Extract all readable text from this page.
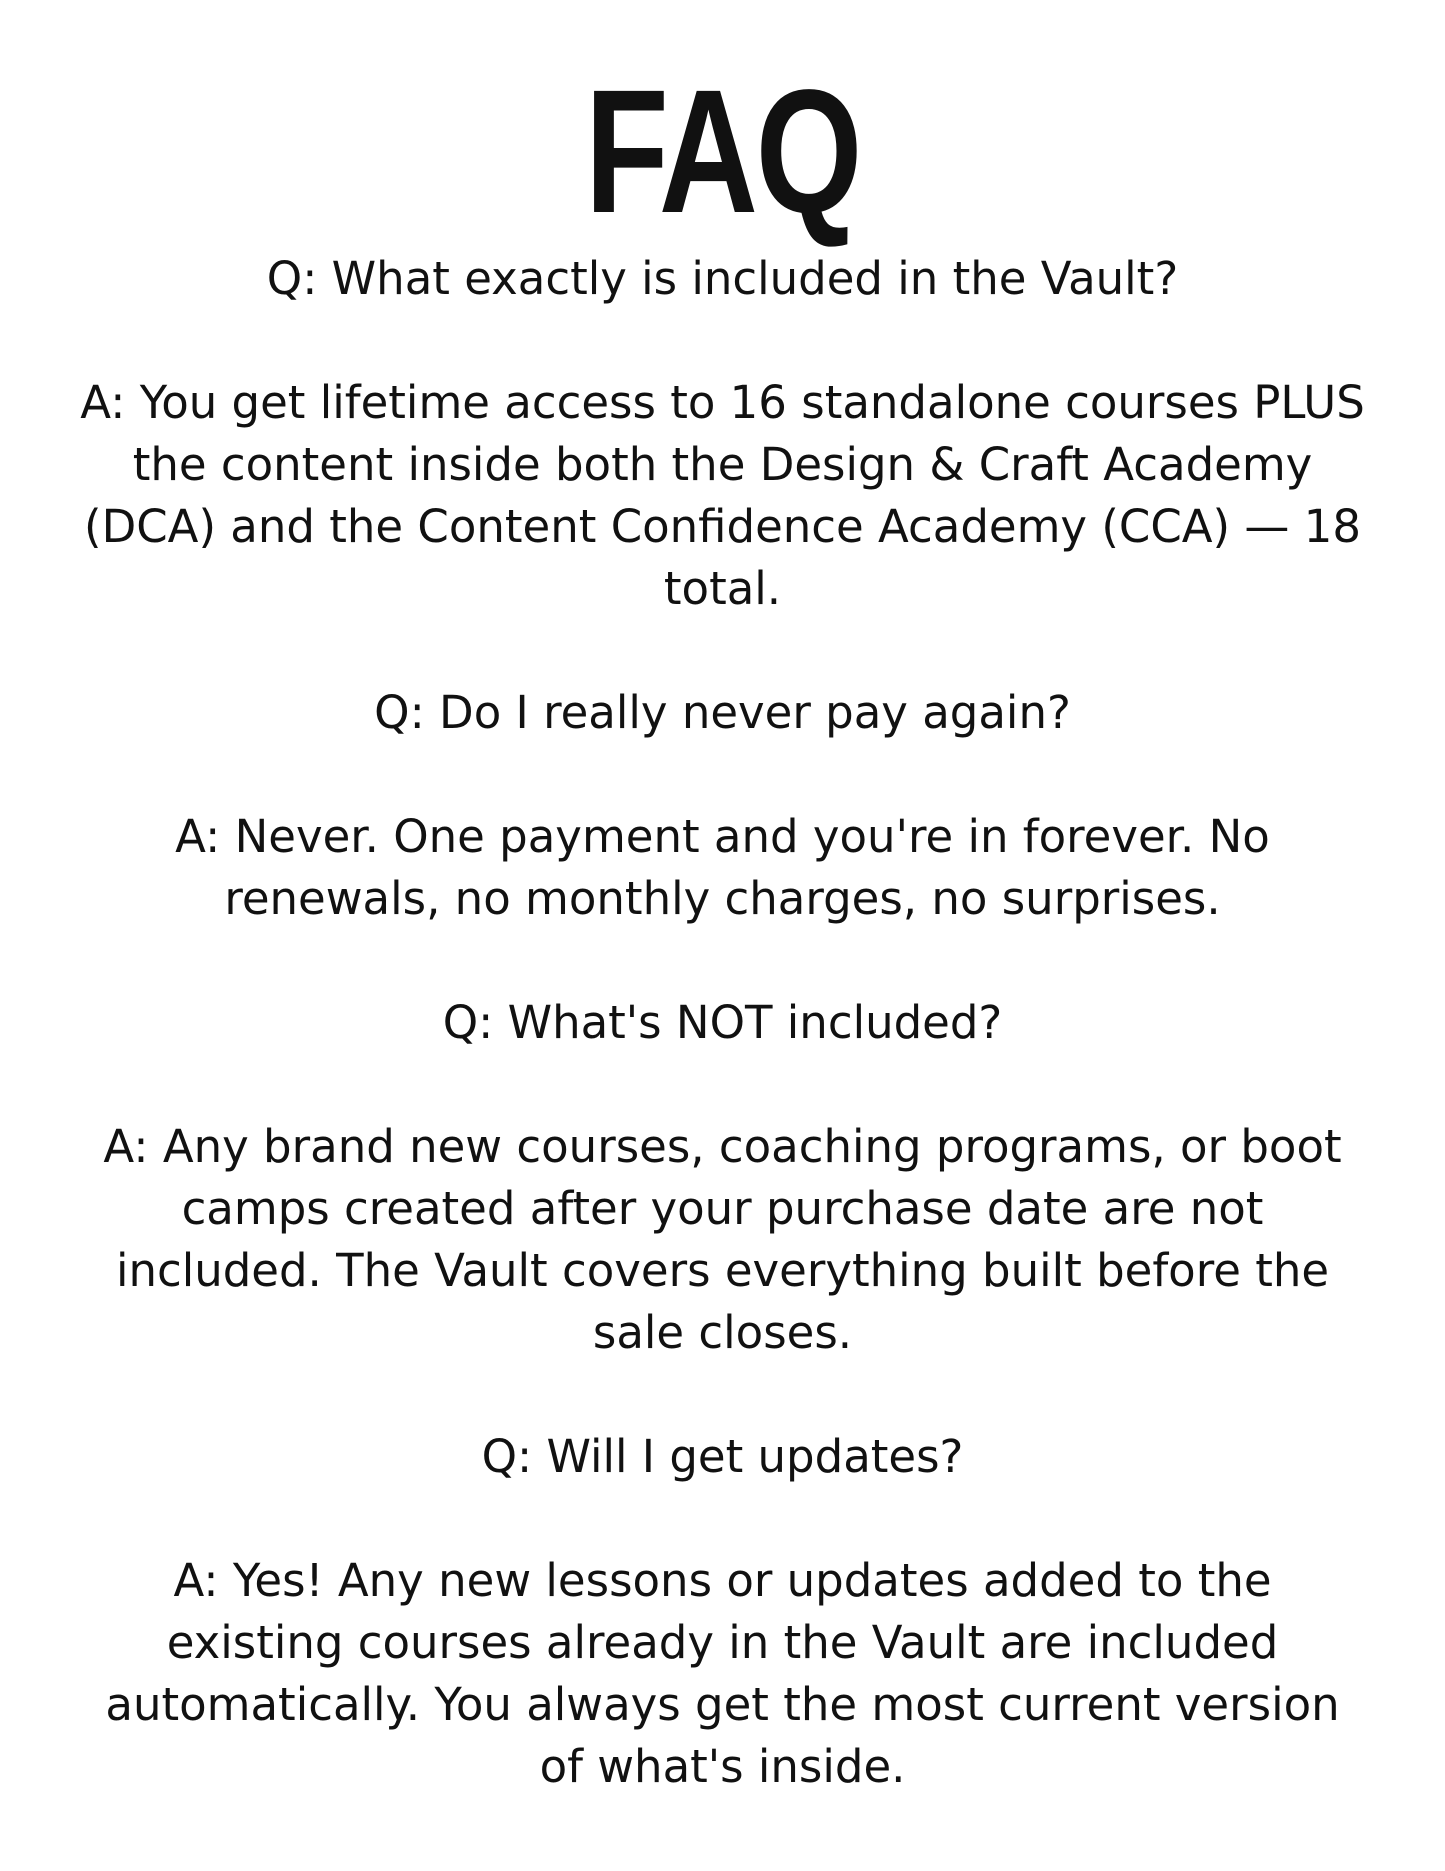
FAQ

Q: What exactly is included in the Vault?

A: You get lifetime access to 16 standalone courses PLUS the content inside both the Design & Craft Academy (DCA) and the Content Confidence Academy (CCA) — 18 total.

Q: Do I really never pay again?

A: Never. One payment and you're in forever. No renewals, no monthly charges, no surprises.

Q: What's NOT included?

A: Any brand new courses, coaching programs, or boot camps created after your purchase date are not included. The Vault covers everything built before the sale closes.

Q: Will I get updates?

A: Yes! Any new lessons or updates added to the existing courses already in the Vault are included automatically. You always get the most current version of what's inside.
